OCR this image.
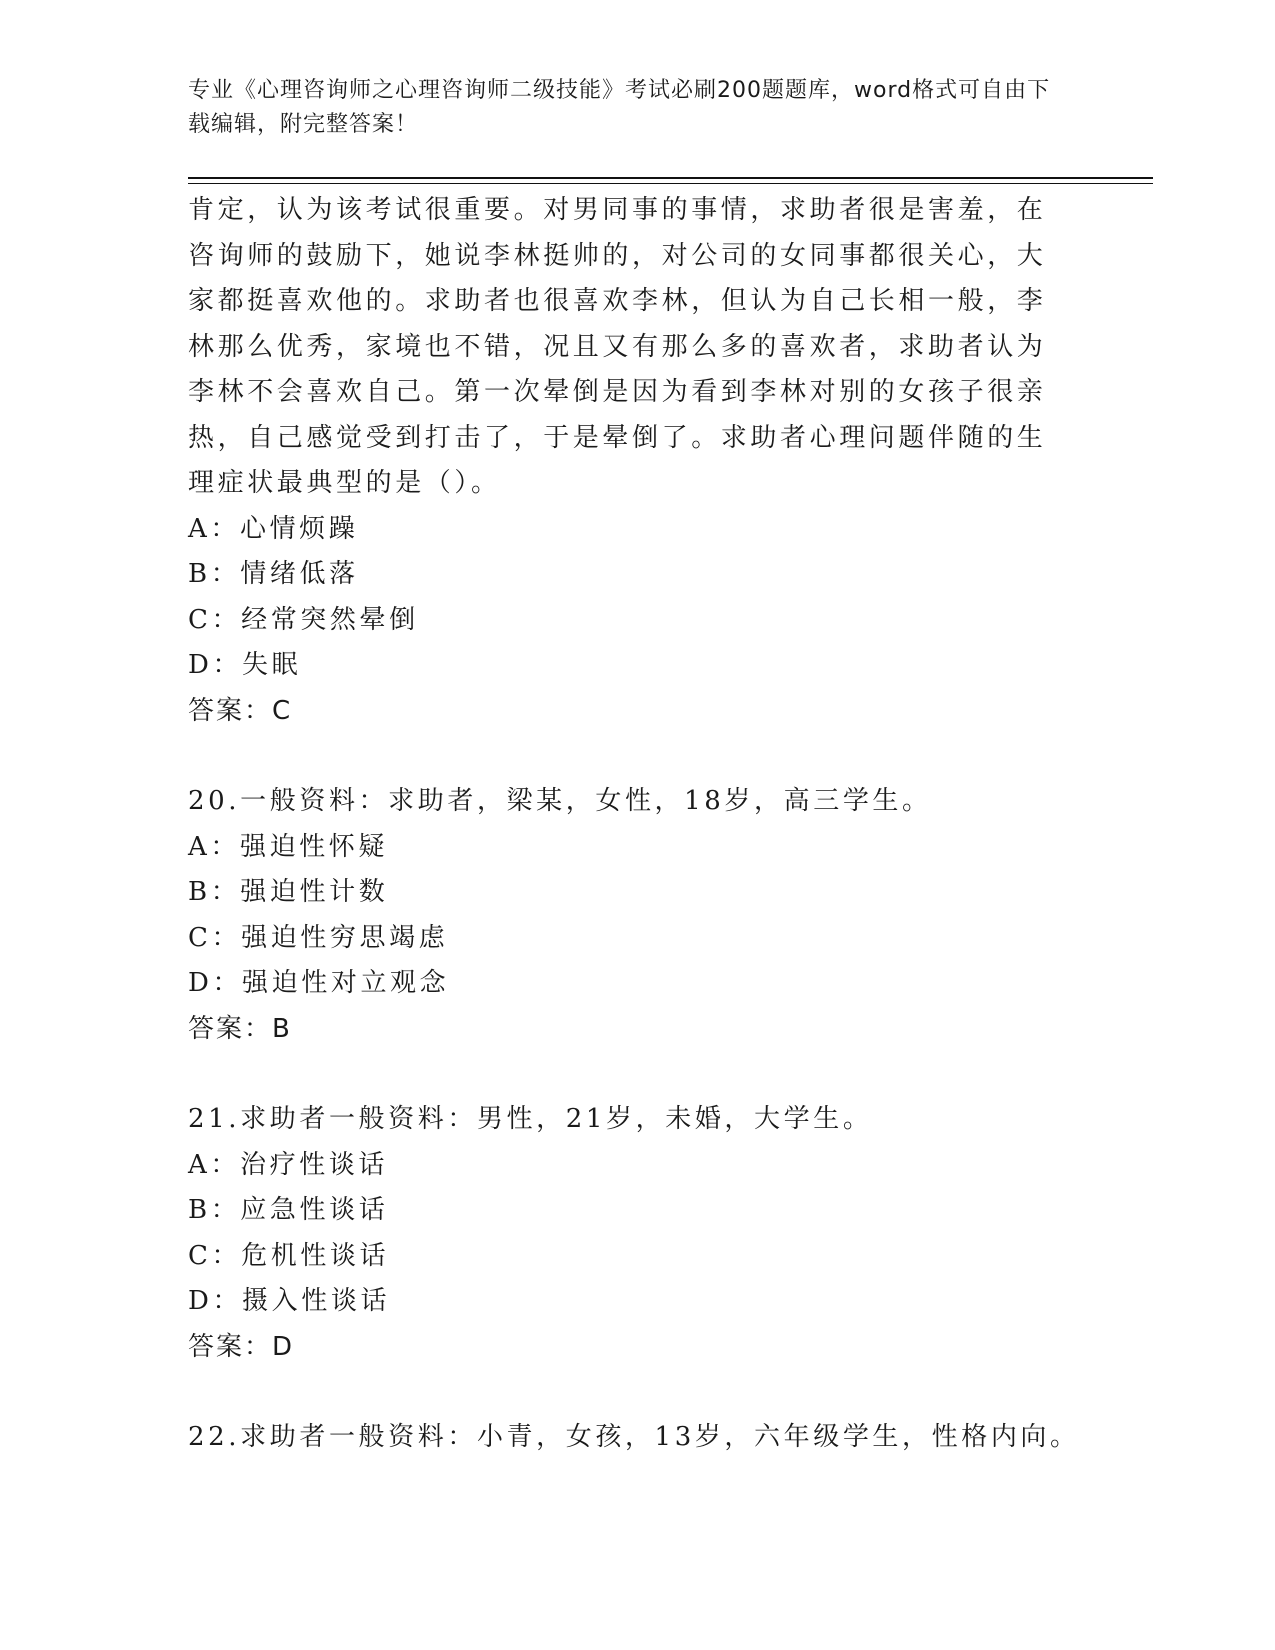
专业《心理咨询师之心理咨询师二级技能》考试必刷200题题库，word格式可自由下载编辑，附完整答案！

肯定，认为该考试很重要。对男同事的事情，求助者很是害羞，在咨询师的鼓励下，她说李林挺帅的，对公司的女同事都很关心，大家都挺喜欢他的。求助者也很喜欢李林，但认为自己长相一般，李林那么优秀，家境也不错，况且又有那么多的喜欢者，求助者认为李林不会喜欢自己。第一次晕倒是因为看到李林对别的女孩子很亲热，自己感觉受到打击了，于是晕倒了。求助者心理问题伴随的生理症状最典型的是（）。

A：心情烦躁

B：情绪低落

C：经常突然晕倒

D：失眠

答案：C

20.一般资料：求助者，梁某，女性，18岁，高三学生。

A：强迫性怀疑

B：强迫性计数

C：强迫性穷思竭虑

D：强迫性对立观念

答案：B

21.求助者一般资料：男性，21岁，未婚，大学生。

A：治疗性谈话

B：应急性谈话

C：危机性谈话

D：摄入性谈话

答案：D

22.求助者一般资料：小青，女孩，13岁，六年级学生，性格内向。
